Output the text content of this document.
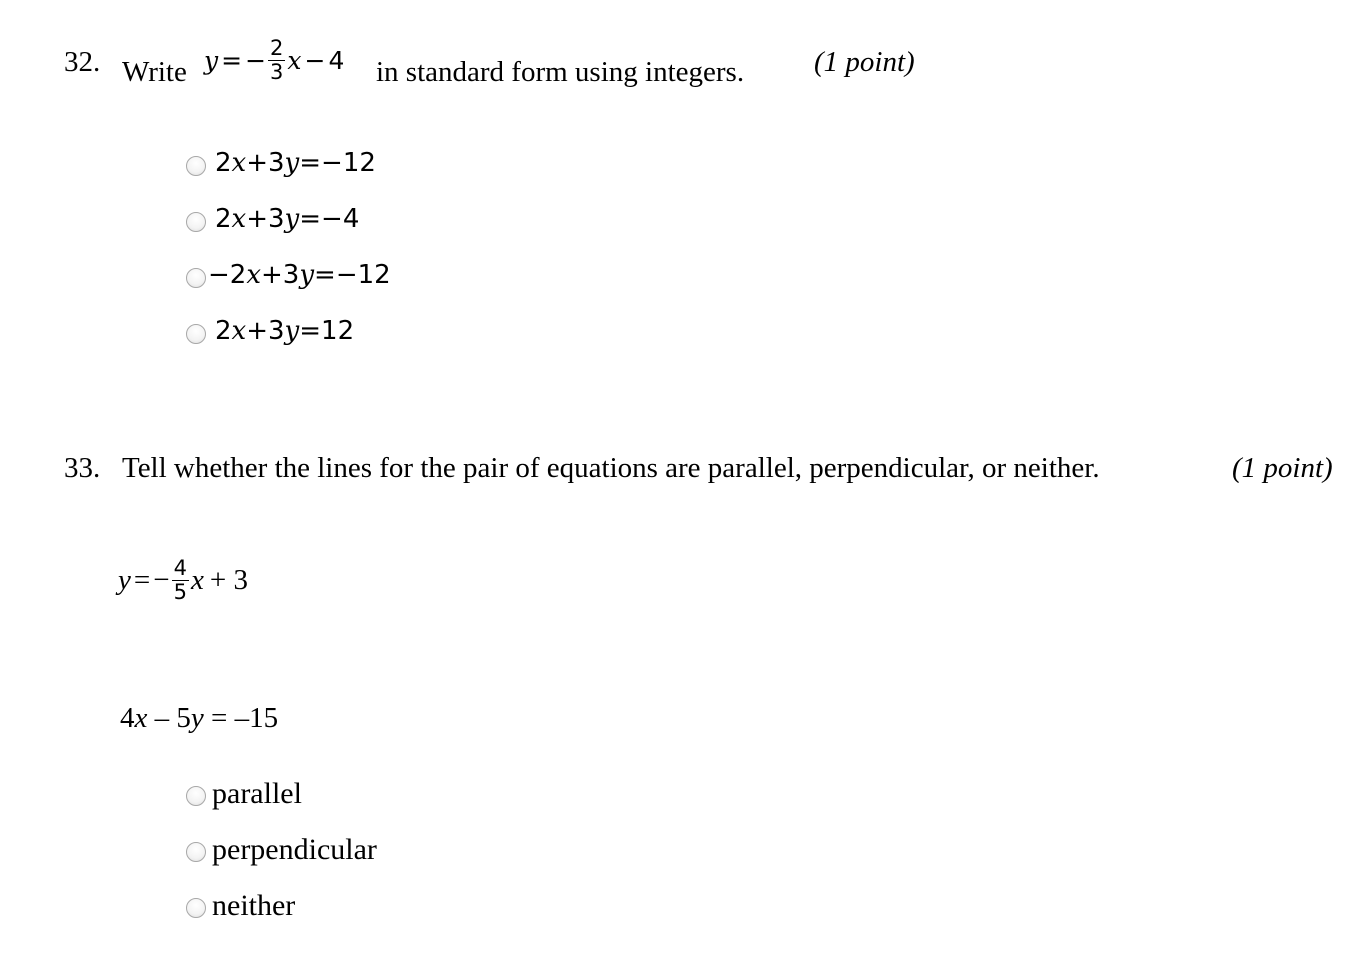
32. Write y = − $\frac{2}{3}$ x − 4 in standard form using integers. (1 point)
2x+3y=−12
2x+3y=−4
−2x+3y=−12
2x+3y=12
33. Tell whether the lines for the pair of equations are parallel, perpendicular, or neither.	(1 point)
y = − $\frac{4}{5}$ x + 3
4x – 5y = –15
parallel
perpendicular
neither
